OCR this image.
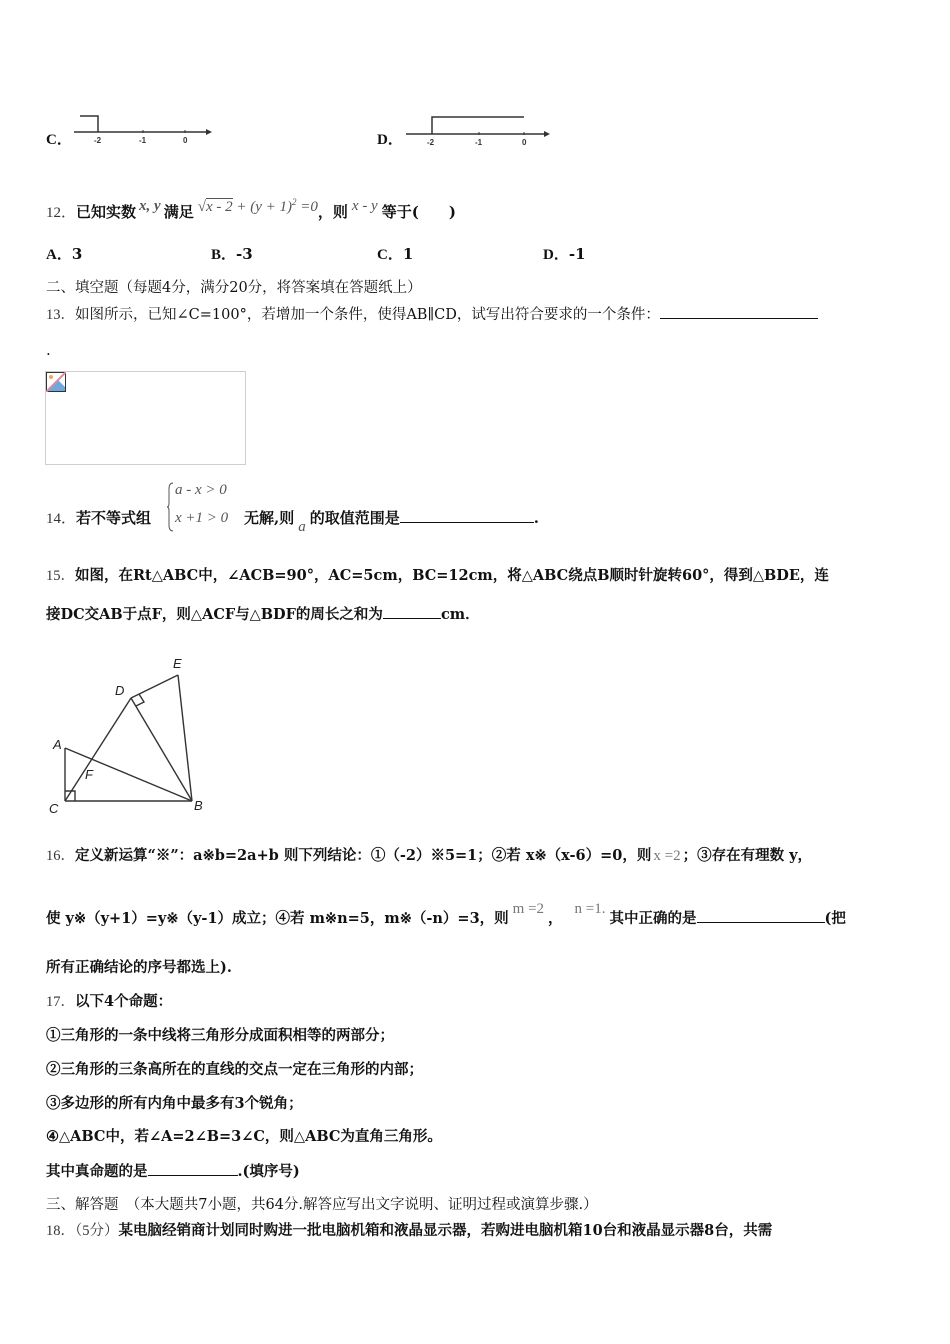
C．	-2	-1	0	D．	-2	-1	0
12．已知实数 x, y 满足 $√x - 2 + (y + 1)^2 =0$，则 x - y 等于(　　)
A．3	B．-3	C．1	D．-1
二、填空题（每题4分，满分20分，将答案填在答题纸上）
13．如图所示，已知∠C=100°，若增加一个条件，使得AB∥CD，试写出符合要求的一个条件：
.
14．若不等式组
a - x > 0
x +1 > 0 无解,则 a 的取值范围是	.
15．如图，在Rt△ABC中，∠ACB=90°，AC=5cm，BC=12cm，将△ABC绕点B顺时针旋转60°，得到△BDE，连
接DC交AB于点F，则△ACF与△BDF的周长之和为	cm．
A
B
C
D
E
F
16．定义新运算“※”：a※b=2a+b 则下列结论：①（-2）※5=1；②若 x※（x-6）=0，则 x =2 ；③存在有理数 y，
使 y※（y+1）=y※（y-1）成立；④若 m※n=5，m※（-n）=3，则m =2，n =1.其中正确的是	(把
所有正确结论的序号都选上).
17．以下4个命题：
①三角形的一条中线将三角形分成面积相等的两部分；
②三角形的三条高所在的直线的交点一定在三角形的内部；
③多边形的所有内角中最多有3个锐角；
④△ABC中，若∠A=2∠B=3∠C，则△ABC为直角三角形。
其中真命题的是	.(填序号)
三、解答题　（本大题共7小题，共64分.解答应写出文字说明、证明过程或演算步骤.）
18．（5分）某电脑经销商计划同时购进一批电脑机箱和液晶显示器，若购进电脑机箱10台和液晶显示器8台，共需
